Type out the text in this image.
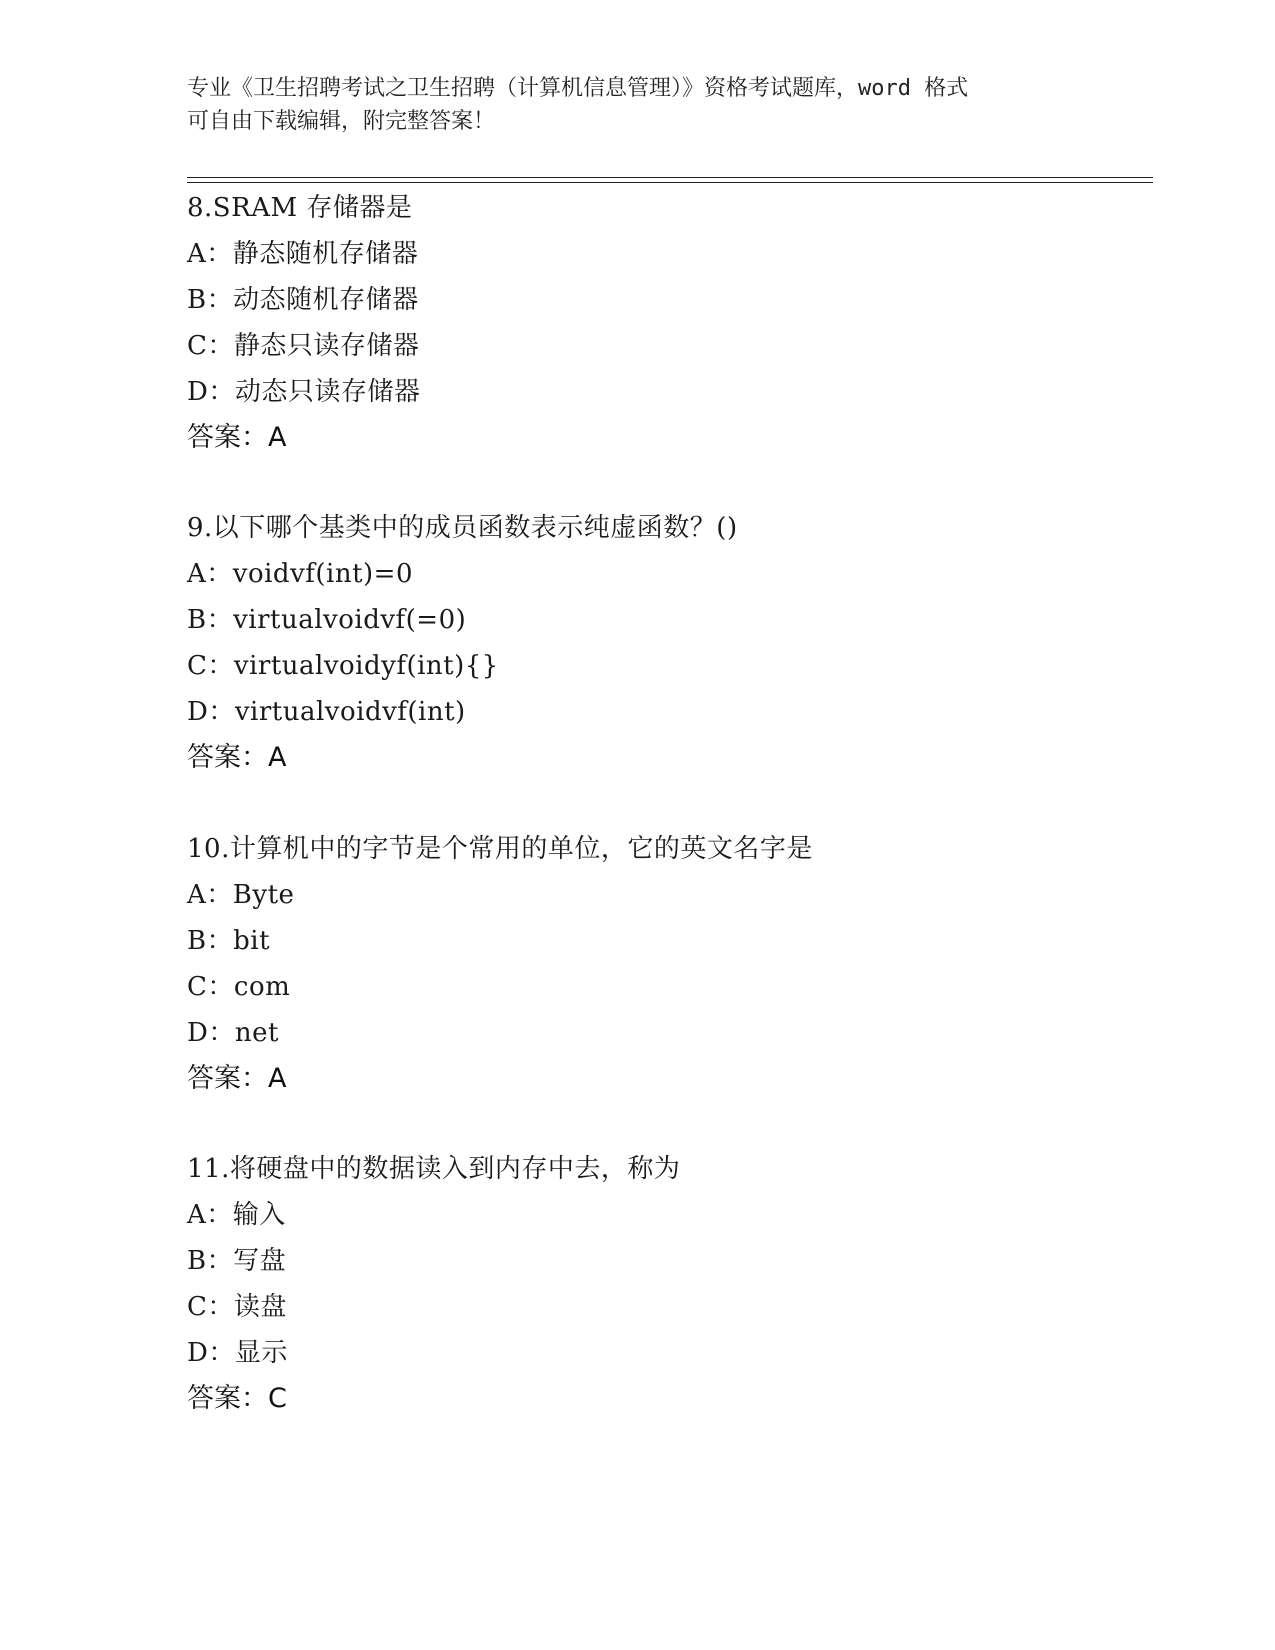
专业《卫生招聘考试之卫生招聘（计算机信息管理）》资格考试题库，word 格式
可自由下载编辑，附完整答案！
8.SRAM 存储器是
A：静态随机存储器
B：动态随机存储器
C：静态只读存储器
D：动态只读存储器
答案：A
9.以下哪个基类中的成员函数表示纯虚函数？()
A：voidvf(int)=0
B：virtualvoidvf(=0)
C：virtualvoidyf(int){}
D：virtualvoidvf(int)
答案：A
10.计算机中的字节是个常用的单位，它的英文名字是
A：Byte
B：bit
C：com
D：net
答案：A
11.将硬盘中的数据读入到内存中去，称为
A：输入
B：写盘
C：读盘
D：显示
答案：C
